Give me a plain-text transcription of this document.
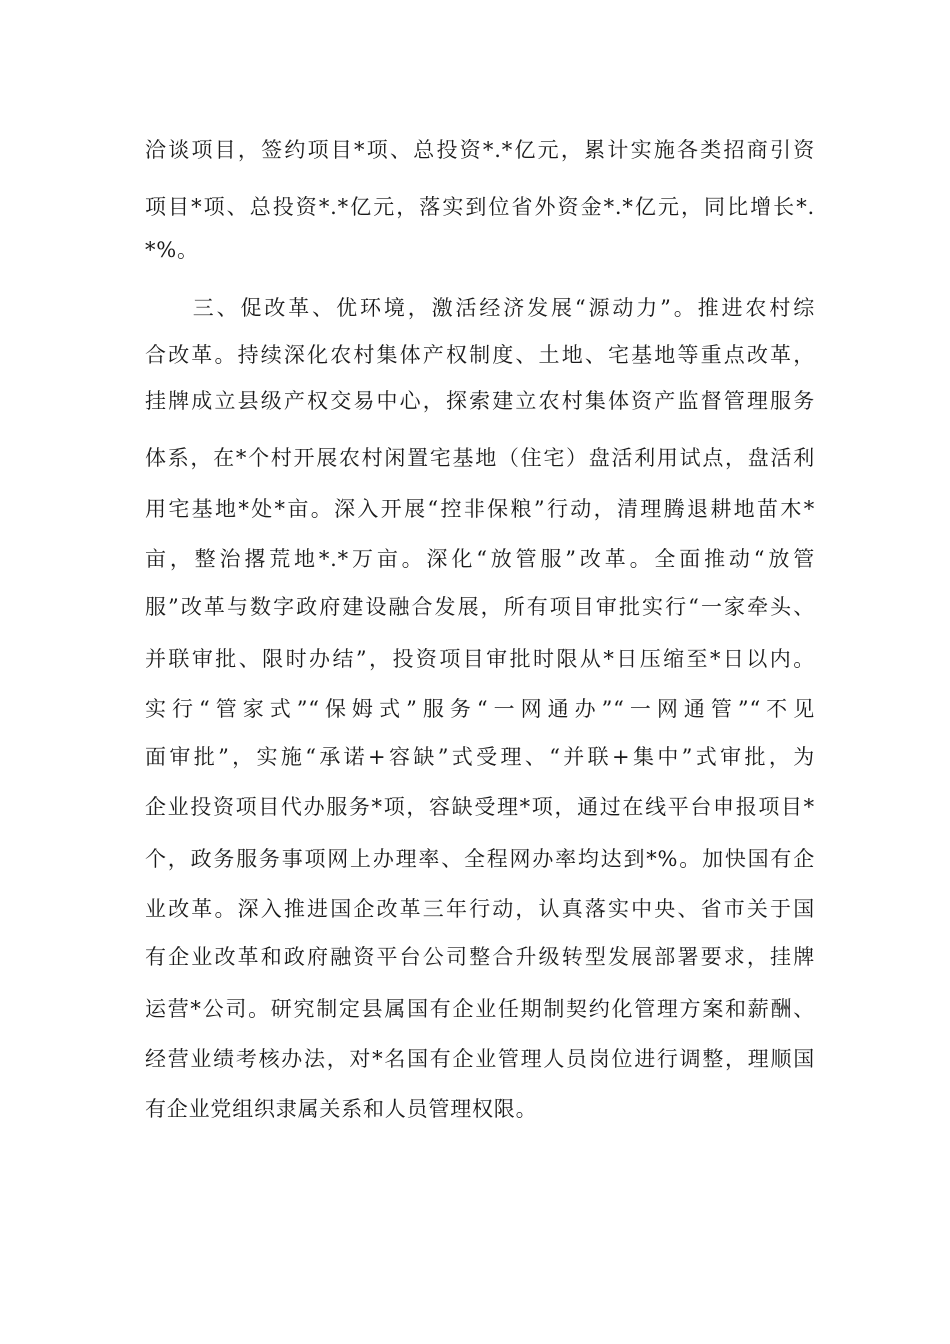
洽谈项目，签约项目*项、总投资*.*亿元，累计实施各类招商引资
项目*项、总投资*.*亿元，落实到位省外资金*.*亿元，同比增长*.
*%。
　　三、促改革、优环境，激活经济发展“源动力”。推进农村综
合改革。持续深化农村集体产权制度、土地、宅基地等重点改革，
挂牌成立县级产权交易中心，探索建立农村集体资产监督管理服务
体系，在*个村开展农村闲置宅基地（住宅）盘活利用试点，盘活利
用宅基地*处*亩。深入开展“控非保粮”行动，清理腾退耕地苗木*
亩，整治撂荒地*.*万亩。深化“放管服”改革。全面推动“放管
服”改革与数字政府建设融合发展，所有项目审批实行“一家牵头、
并联审批、限时办结”，投资项目审批时限从*日压缩至*日以内。
实行“管家式”“保姆式”服务“一网通办”“一网通管”“不见
面审批”，实施“承诺+容缺”式受理、“并联+集中”式审批，为
企业投资项目代办服务*项，容缺受理*项，通过在线平台申报项目*
个，政务服务事项网上办理率、全程网办率均达到*%。加快国有企
业改革。深入推进国企改革三年行动，认真落实中央、省市关于国
有企业改革和政府融资平台公司整合升级转型发展部署要求，挂牌
运营*公司。研究制定县属国有企业任期制契约化管理方案和薪酬、
经营业绩考核办法，对*名国有企业管理人员岗位进行调整，理顺国
有企业党组织隶属关系和人员管理权限。
